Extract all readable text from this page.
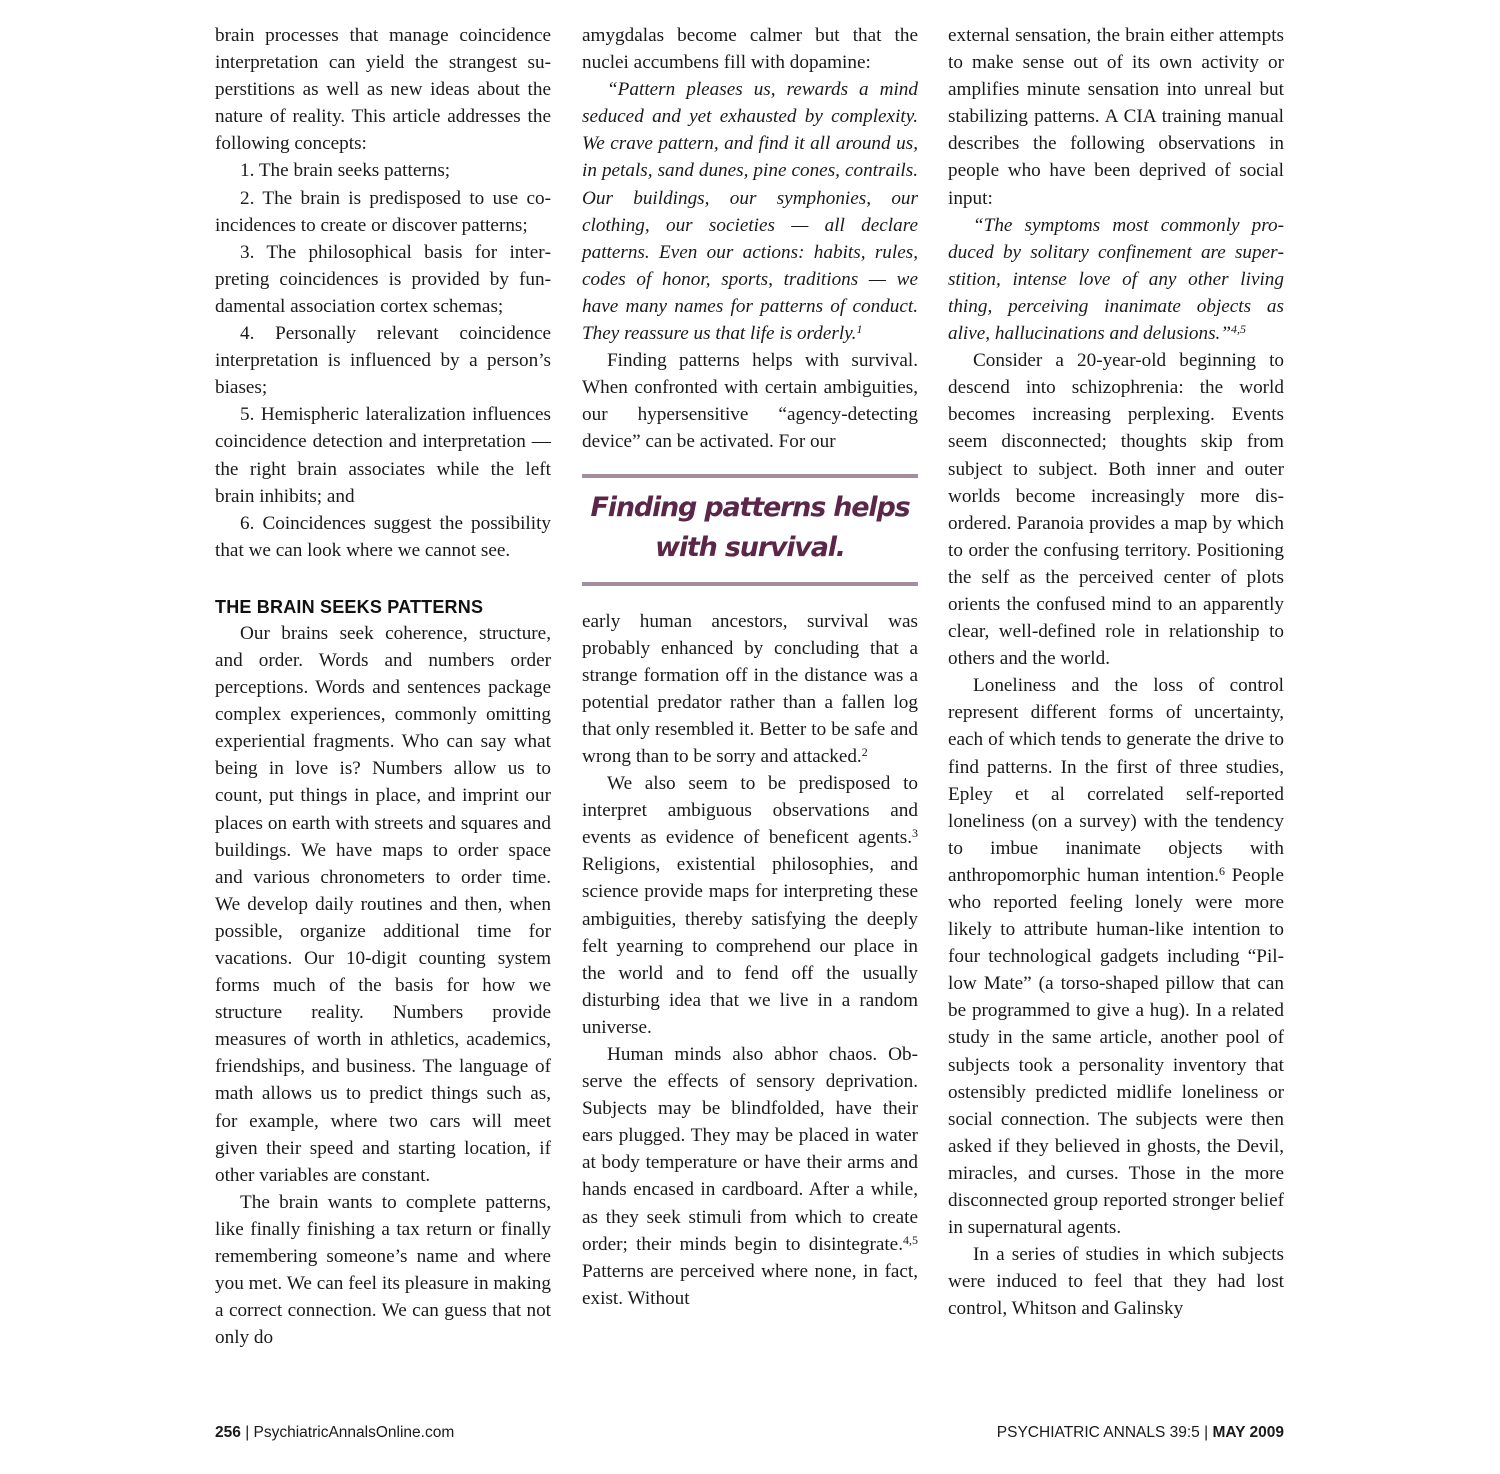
brain processes that manage coincidence interpretation can yield the strangest superstitions as well as new ideas about the nature of reality. This article addresses the following concepts:

1. The brain seeks patterns;

2. The brain is predisposed to use coincidences to create or discover patterns;

3. The philosophical basis for interpreting coincidences is provided by fundamental association cortex schemas;

4. Personally relevant coincidence interpretation is influenced by a person’s biases;

5. Hemispheric lateralization influences coincidence detection and interpretation — the right brain associates while the left brain inhibits; and

6. Coincidences suggest the possibility that we can look where we cannot see.

THE BRAIN SEEKS PATTERNS

Our brains seek coherence, structure, and order. Words and numbers order perceptions. Words and sentences package complex experiences, commonly omitting experiential fragments. Who can say what being in love is? Numbers allow us to count, put things in place, and imprint our places on earth with streets and squares and buildings. We have maps to order space and various chronometers to order time. We develop daily routines and then, when possible, organize additional time for vacations. Our 10-digit counting system forms much of the basis for how we structure reality. Numbers provide measures of worth in athletics, academics, friendships, and business. The language of math allows us to predict things such as, for example, where two cars will meet given their speed and starting location, if other variables are constant.

The brain wants to complete patterns, like finally finishing a tax return or finally remembering someone’s name and where you met. We can feel its pleasure in making a correct connection. We can guess that not only do

amygdalas become calmer but that the nuclei accumbens fill with dopamine:

“Pattern pleases us, rewards a mind seduced and yet exhausted by complexity. We crave pattern, and find it all around us, in petals, sand dunes, pine cones, contrails. Our buildings, our symphonies, our clothing, our societies — all declare patterns. Even our actions: habits, rules, codes of honor, sports, traditions — we have many names for patterns of conduct. They reassure us that life is orderly.$^1$

Finding patterns helps with survival. When confronted with certain ambiguities, our hypersensitive “agency-detecting device” can be activated. For our

Finding patterns helps
with survival.

early human ancestors, survival was probably enhanced by concluding that a strange formation off in the distance was a potential predator rather than a fallen log that only resembled it. Better to be safe and wrong than to be sorry and attacked.$^2$

We also seem to be predisposed to interpret ambiguous observations and events as evidence of beneficent agents.$^3$ Religions, existential philosophies, and science provide maps for interpreting these ambiguities, thereby satisfying the deeply felt yearning to comprehend our place in the world and to fend off the usually disturbing idea that we live in a random universe.

Human minds also abhor chaos. Observe the effects of sensory deprivation. Subjects may be blindfolded, have their ears plugged. They may be placed in water at body temperature or have their arms and hands encased in cardboard. After a while, as they seek stimuli from which to create order; their minds begin to disintegrate.$^{4,5}$ Patterns are perceived where none, in fact, exist. Without

external sensation, the brain either attempts to make sense out of its own activity or amplifies minute sensation into unreal but stabilizing patterns. A CIA training manual describes the following observations in people who have been deprived of social input:

“The symptoms most commonly produced by solitary confinement are superstition, intense love of any other living thing, perceiving inanimate objects as alive, hallucinations and delusions.”$^{4,5}$

Consider a 20-year-old beginning to descend into schizophrenia: the world becomes increasing perplexing. Events seem disconnected; thoughts skip from subject to subject. Both inner and outer worlds become increasingly more disordered. Paranoia provides a map by which to order the confusing territory. Positioning the self as the perceived center of plots orients the confused mind to an apparently clear, well-defined role in relationship to others and the world.

Loneliness and the loss of control represent different forms of uncertainty, each of which tends to generate the drive to find patterns. In the first of three studies, Epley et al correlated self-reported loneliness (on a survey) with the tendency to imbue inanimate objects with anthropomorphic human intention.$^6$ People who reported feeling lonely were more likely to attribute human-like intention to four technological gadgets including “Pillow Mate” (a torso-shaped pillow that can be programmed to give a hug). In a related study in the same article, another pool of subjects took a personality inventory that ostensibly predicted midlife loneliness or social connection. The subjects were then asked if they believed in ghosts, the Devil, miracles, and curses. Those in the more disconnected group reported stronger belief in supernatural agents.

In a series of studies in which subjects were induced to feel that they had lost control, Whitson and Galinsky

256 | PsychiatricAnnalsOnline.com	PSYCHIATRIC ANNALS 39:5 | MAY 2009
